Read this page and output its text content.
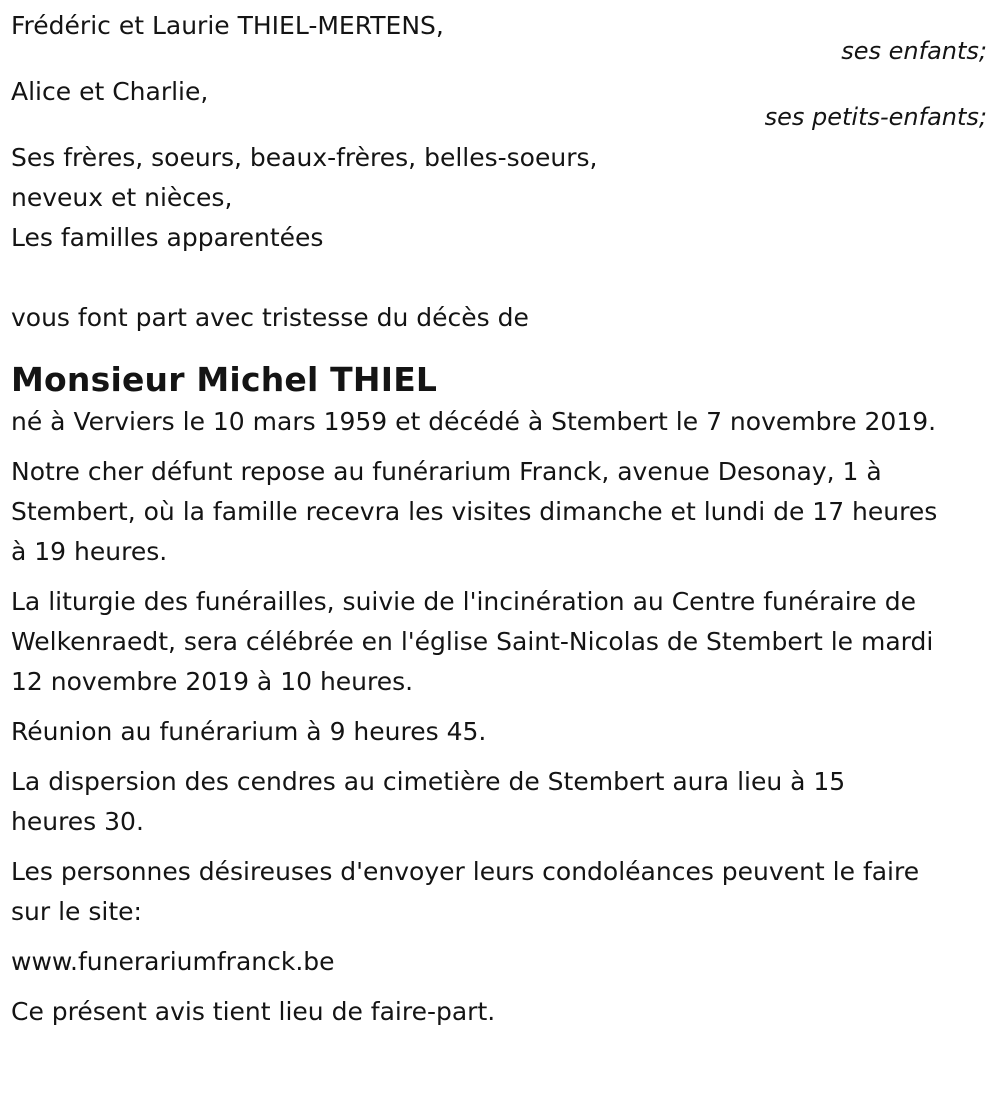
Frédéric et Laurie THIEL-MERTENS,
ses enfants;
Alice et Charlie,
ses petits-enfants;
Ses frères, soeurs, beaux-frères, belles-soeurs,
neveux et nièces,
Les familles apparentées
vous font part avec tristesse du décès de
Monsieur Michel THIEL
né à Verviers le 10 mars 1959 et décédé à Stembert le 7 novembre 2019.
Notre cher défunt repose au funérarium Franck, avenue Desonay, 1 à
Stembert, où la famille recevra les visites dimanche et lundi de 17 heures
à 19 heures.
La liturgie des funérailles, suivie de l'incinération au Centre funéraire de
Welkenraedt, sera célébrée en l'église Saint-Nicolas de Stembert le mardi
12 novembre 2019 à 10 heures.
Réunion au funérarium à 9 heures 45.
La dispersion des cendres au cimetière de Stembert aura lieu à 15
heures 30.
Les personnes désireuses d'envoyer leurs condoléances peuvent le faire
sur le site:
www.funerariumfranck.be
Ce présent avis tient lieu de faire-part.
